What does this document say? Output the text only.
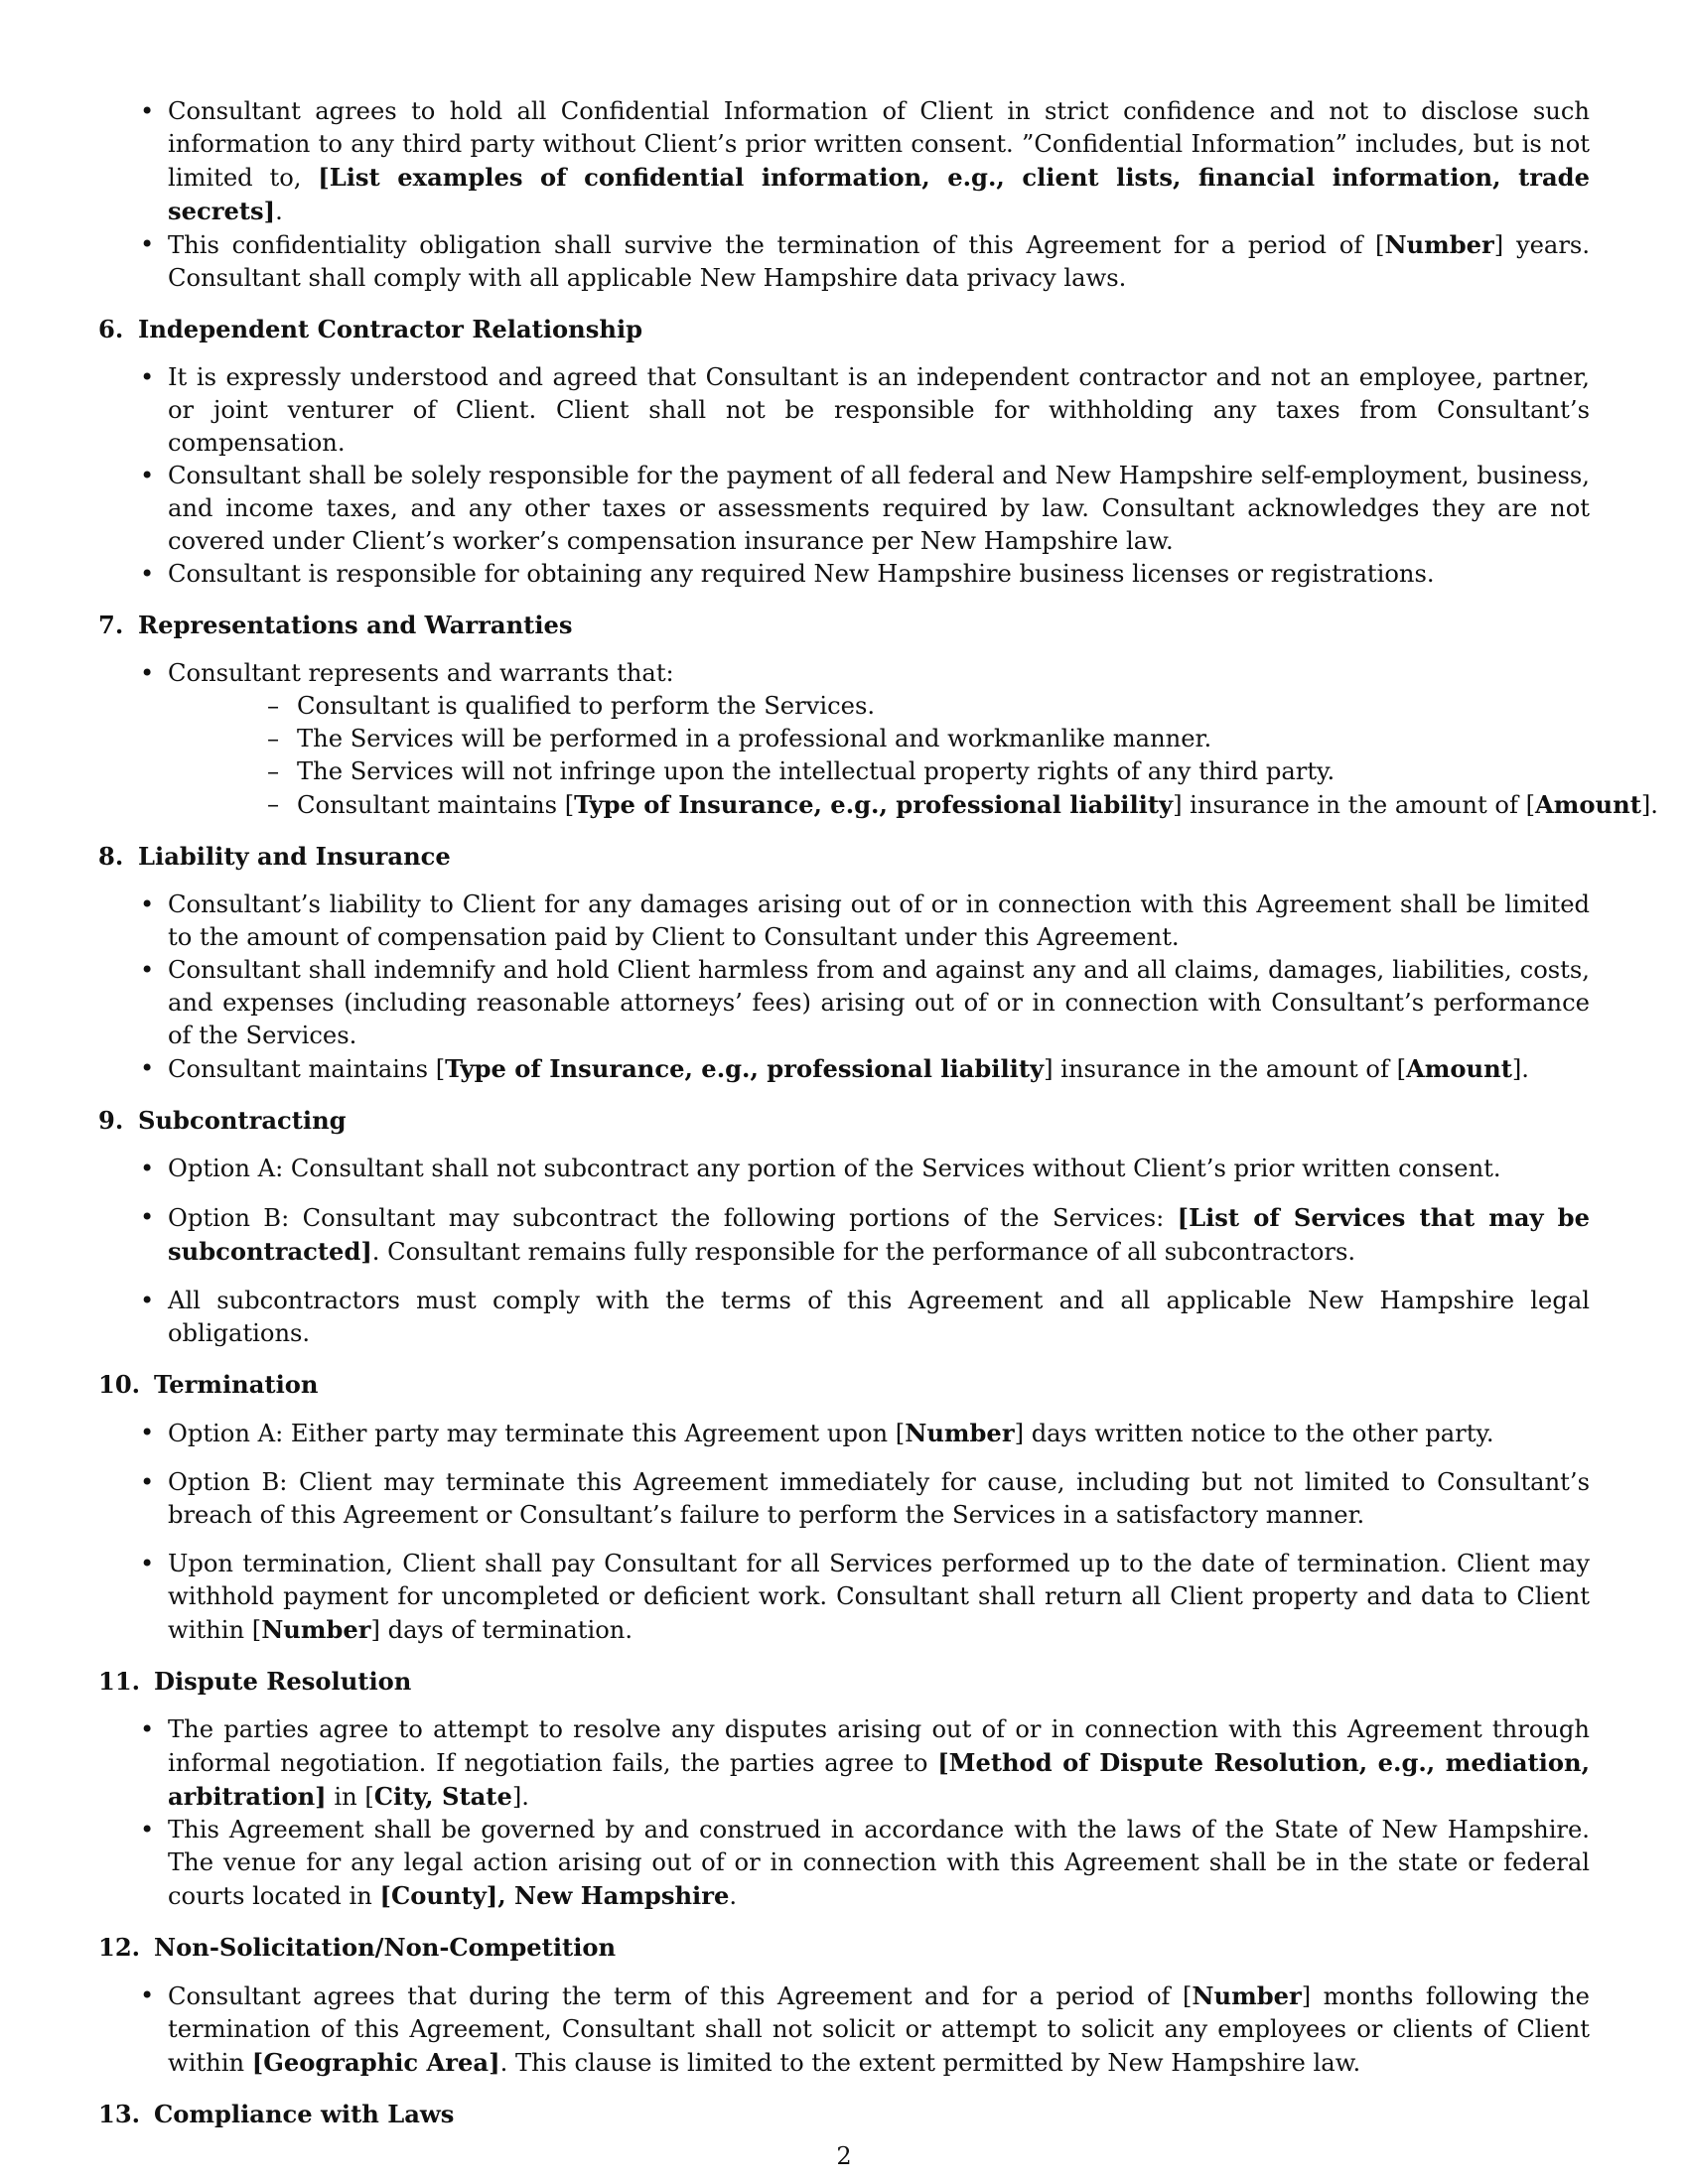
• Consultant agrees to hold all Confidential Information of Client in strict confidence and not to disclose such information to any third party without Client’s prior written consent. ”Confidential Information” includes, but is not limited to, [List examples of confidential information, e.g., client lists, financial information, trade secrets].
• This confidentiality obligation shall survive the termination of this Agreement for a period of [Number] years. Consultant shall comply with all applicable New Hampshire data privacy laws.
6. Independent Contractor Relationship
• It is expressly understood and agreed that Consultant is an independent contractor and not an employee, partner, or joint venturer of Client. Client shall not be responsible for withholding any taxes from Consultant’s compensation.
• Consultant shall be solely responsible for the payment of all federal and New Hampshire self-employment, business, and income taxes, and any other taxes or assessments required by law. Consultant acknowledges they are not covered under Client’s worker’s compensation insurance per New Hampshire law.
• Consultant is responsible for obtaining any required New Hampshire business licenses or registrations.
7. Representations and Warranties
• Consultant represents and warrants that:
– Consultant is qualified to perform the Services.
– The Services will be performed in a professional and workmanlike manner.
– The Services will not infringe upon the intellectual property rights of any third party.
– Consultant maintains [Type of Insurance, e.g., professional liability] insurance in the amount of [Amount].
8. Liability and Insurance
• Consultant’s liability to Client for any damages arising out of or in connection with this Agreement shall be limited to the amount of compensation paid by Client to Consultant under this Agreement.
• Consultant shall indemnify and hold Client harmless from and against any and all claims, damages, liabilities, costs, and expenses (including reasonable attorneys’ fees) arising out of or in connection with Consultant’s performance of the Services.
• Consultant maintains [Type of Insurance, e.g., professional liability] insurance in the amount of [Amount].
9. Subcontracting
• Option A: Consultant shall not subcontract any portion of the Services without Client’s prior written consent.
• Option B: Consultant may subcontract the following portions of the Services: [List of Services that may be subcontracted]. Consultant remains fully responsible for the performance of all subcontractors.
• All subcontractors must comply with the terms of this Agreement and all applicable New Hampshire legal obligations.
10. Termination
• Option A: Either party may terminate this Agreement upon [Number] days written notice to the other party.
• Option B: Client may terminate this Agreement immediately for cause, including but not limited to Consultant’s breach of this Agreement or Consultant’s failure to perform the Services in a satisfactory manner.
• Upon termination, Client shall pay Consultant for all Services performed up to the date of termination. Client may withhold payment for uncompleted or deficient work. Consultant shall return all Client property and data to Client within [Number] days of termination.
11. Dispute Resolution
• The parties agree to attempt to resolve any disputes arising out of or in connection with this Agreement through informal negotiation. If negotiation fails, the parties agree to [Method of Dispute Resolution, e.g., mediation, arbitration] in [City, State].
• This Agreement shall be governed by and construed in accordance with the laws of the State of New Hampshire. The venue for any legal action arising out of or in connection with this Agreement shall be in the state or federal courts located in [County], New Hampshire.
12. Non-Solicitation/Non-Competition
• Consultant agrees that during the term of this Agreement and for a period of [Number] months following the termination of this Agreement, Consultant shall not solicit or attempt to solicit any employees or clients of Client within [Geographic Area]. This clause is limited to the extent permitted by New Hampshire law.
13. Compliance with Laws
2
